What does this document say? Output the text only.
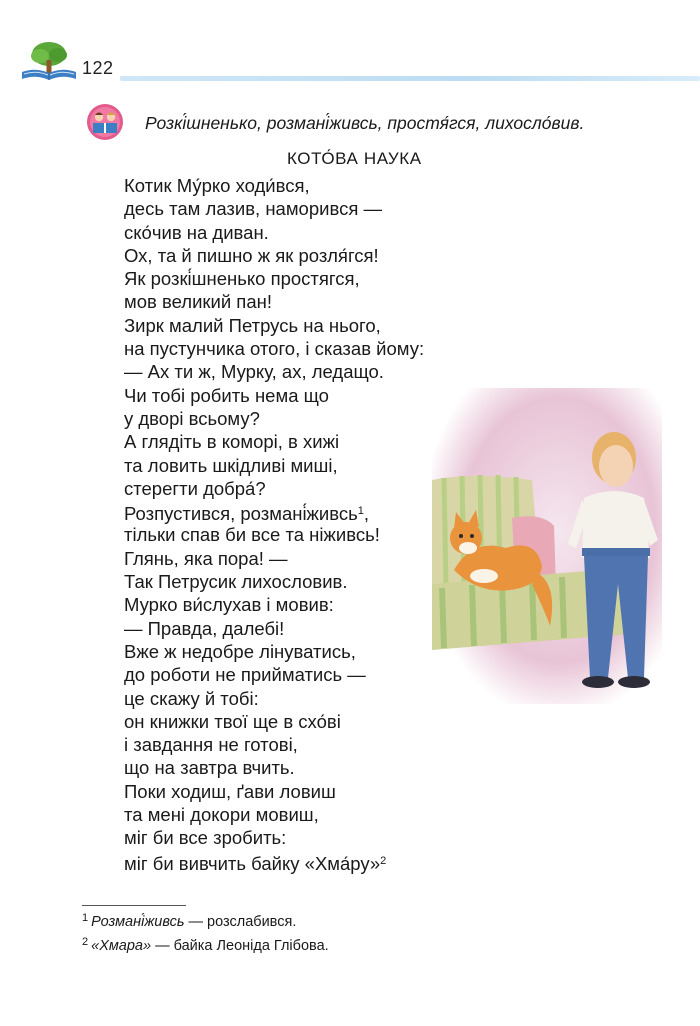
122
Розкі́шненько, розмані́живсь, простя́гся, лихосло́вив.
КОТО́ВА НАУКА
Котик Му́рко ходи́вся,
десь там лазив, наморився —
ско́чив на диван.
Ох, та й пишно ж як розля́гся!
Як розкі́шненько простягся,
мов великий пан!
Зирк малий Петрусь на нього,
на пустунчика отого, і сказав йому:
— Ах ти ж, Мурку, ах, ледащо.
Чи тобі робить нема що
у дворі всьому?
А глядіть в коморі, в хижі
та ловить шкідливі миші,
стерегти добра́?
Розпустився, розмані́живсь$^1$,
тільки спав би все та ніживсь!
Глянь, яка пора! —
Так Петрусик лихословив.
Мурко ви́слухав і мовив:
— Правда, далебі!
Вже ж недобре лінуватись,
до роботи не прийматись —
це скажу й тобі:
он книжки твої ще в схо́ві
і завдання не готові,
що на завтра вчить.
Поки ходиш, ґави ловиш
та мені докори мовиш,
міг би все зробить:
міг би вивчить байку «Хма́ру»$^2$
$^1$ Розмані́живсь — розслабився.
$^2$ «Хмара» — байка Леоніда Глібова.
